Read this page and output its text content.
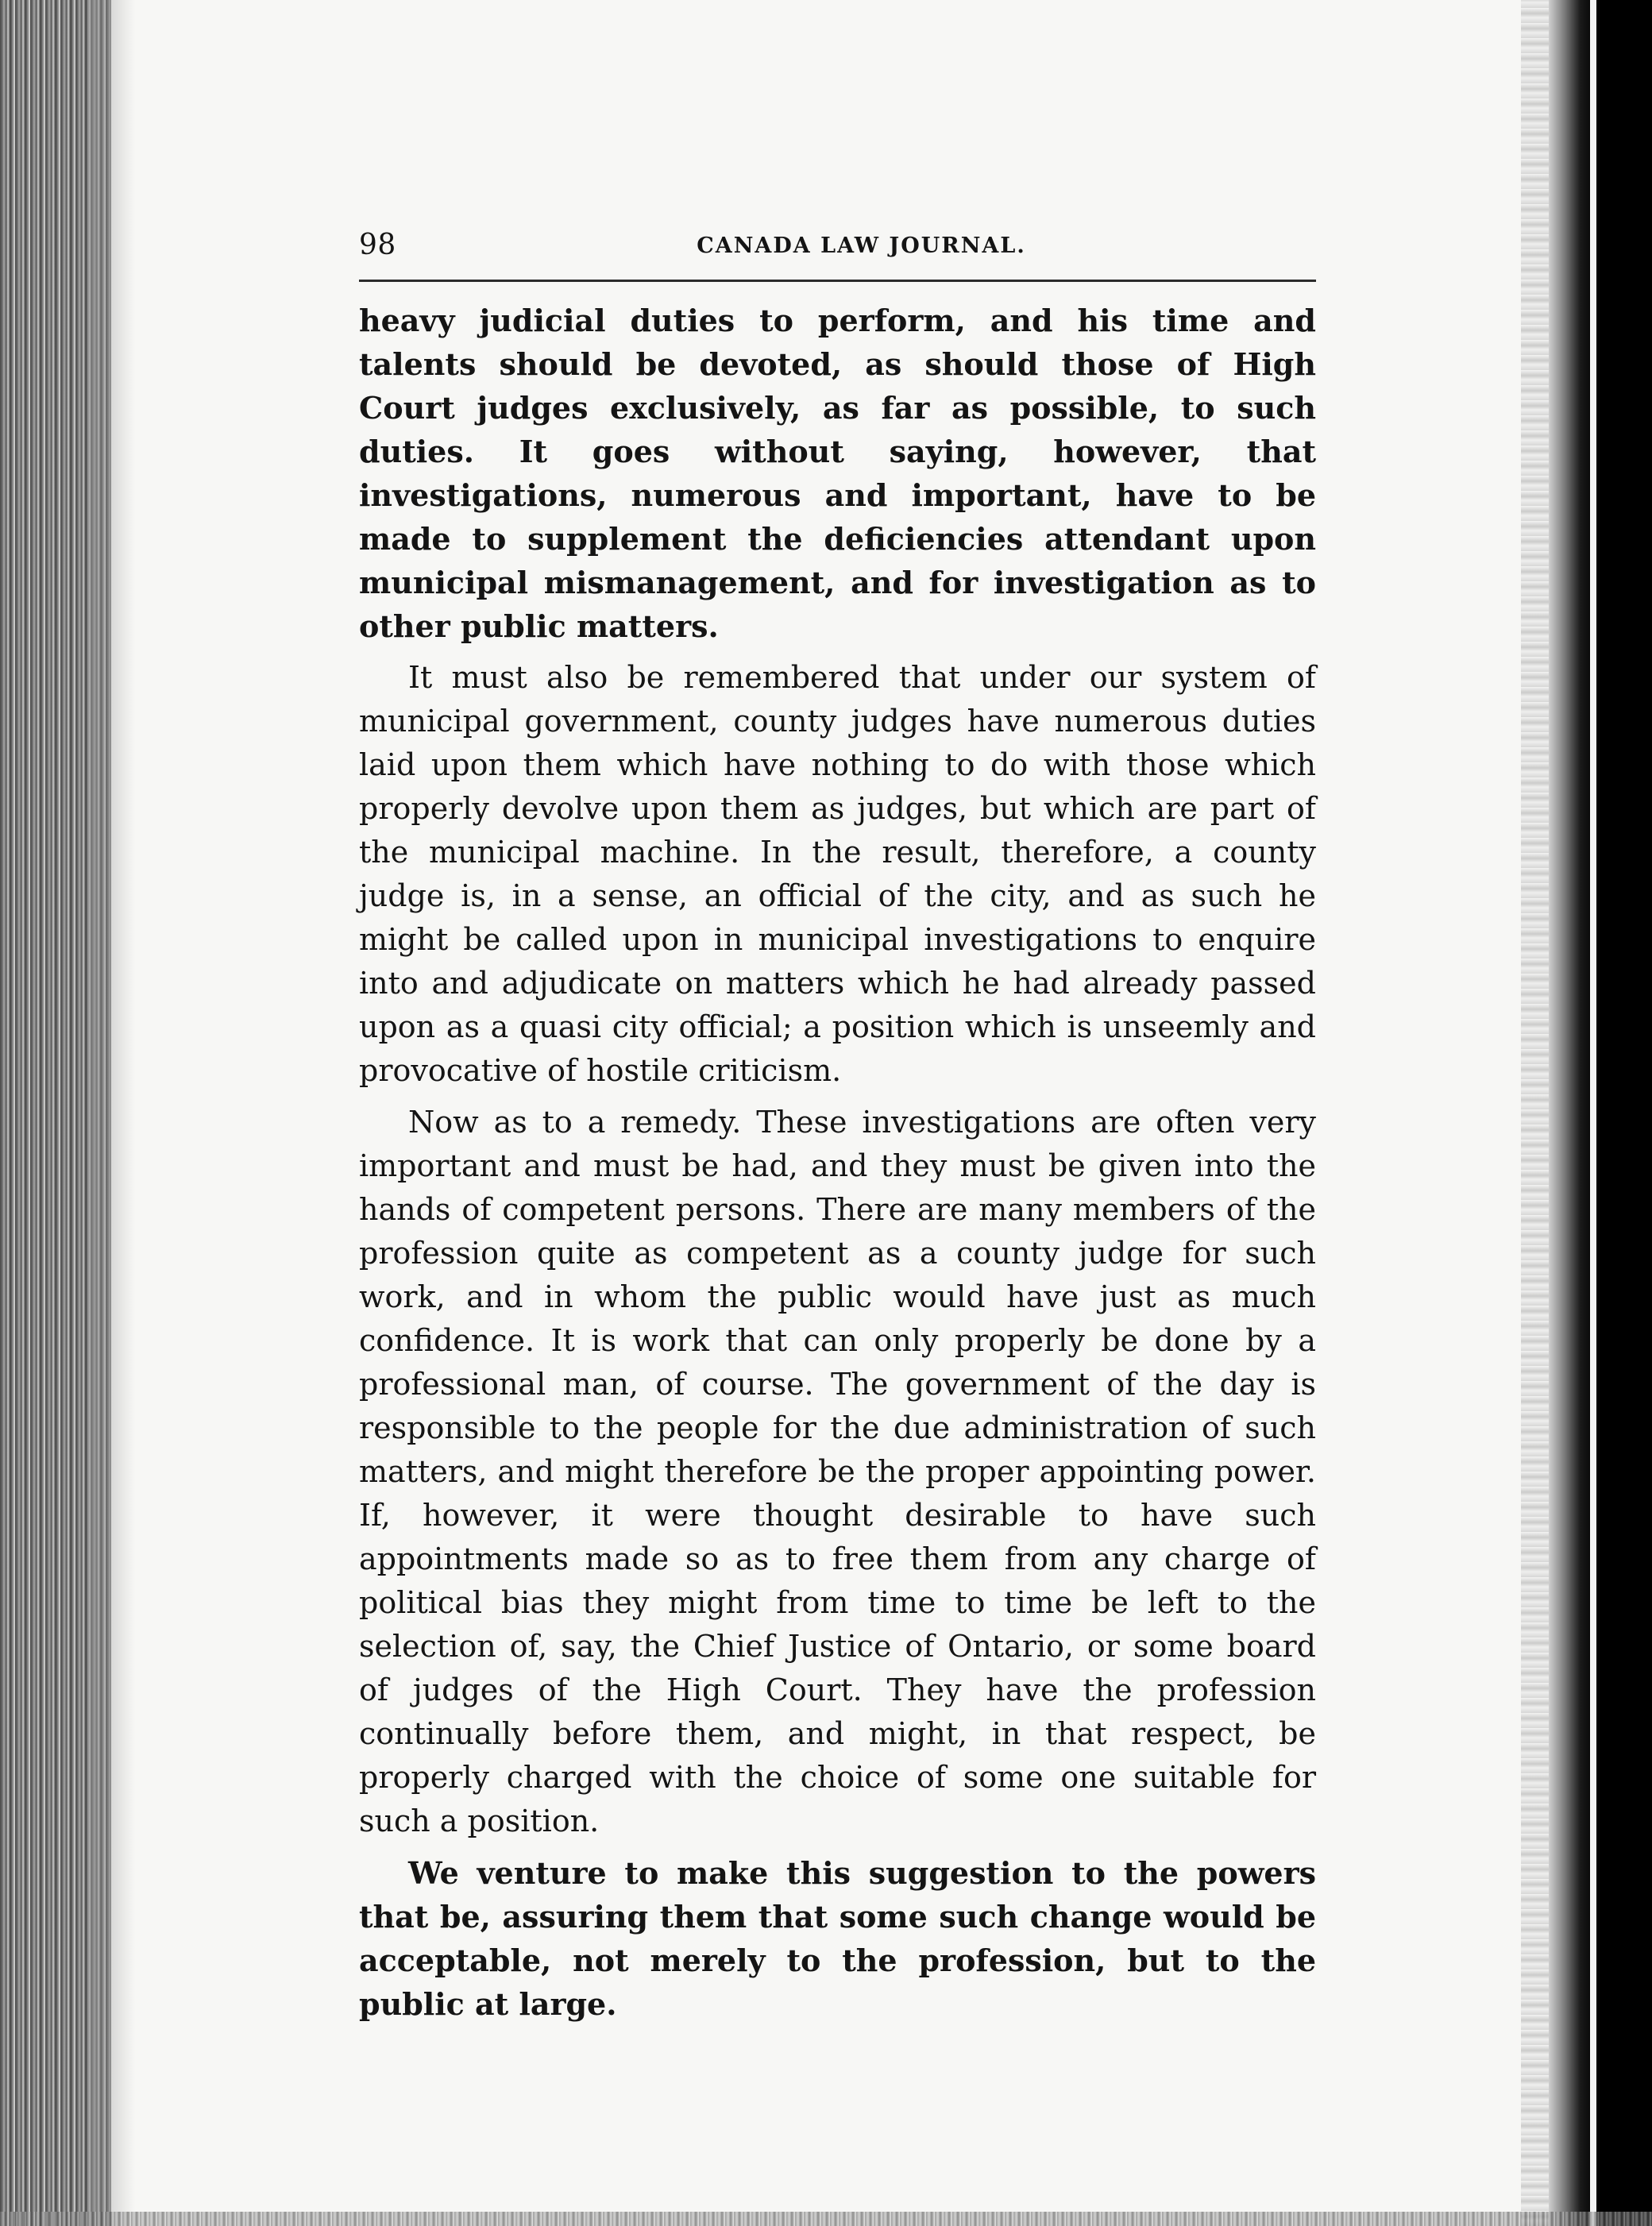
98	CANADA LAW JOURNAL.

heavy judicial duties to perform, and his time and talents should be devoted, as should those of High Court judges exclusively, as far as possible, to such duties. It goes without saying, however, that investigations, numerous and important, have to be made to supplement the deficiencies attendant upon municipal mismanagement, and for investigation as to other public matters.

It must also be remembered that under our system of municipal government, county judges have numerous duties laid upon them which have nothing to do with those which properly devolve upon them as judges, but which are part of the municipal machine. In the result, therefore, a county judge is, in a sense, an official of the city, and as such he might be called upon in municipal investigations to enquire into and adjudicate on matters which he had already passed upon as a quasi city official; a position which is unseemly and provocative of hostile criticism.

Now as to a remedy. These investigations are often very important and must be had, and they must be given into the hands of competent persons. There are many members of the profession quite as competent as a county judge for such work, and in whom the public would have just as much confidence. It is work that can only properly be done by a professional man, of course. The government of the day is responsible to the people for the due administration of such matters, and might therefore be the proper appointing power. If, however, it were thought desirable to have such appointments made so as to free them from any charge of political bias they might from time to time be left to the selection of, say, the Chief Justice of Ontario, or some board of judges of the High Court. They have the profession continually before them, and might, in that respect, be properly charged with the choice of some one suitable for such a position.

We venture to make this suggestion to the powers that be, assuring them that some such change would be acceptable, not merely to the profession, but to the public at large.
